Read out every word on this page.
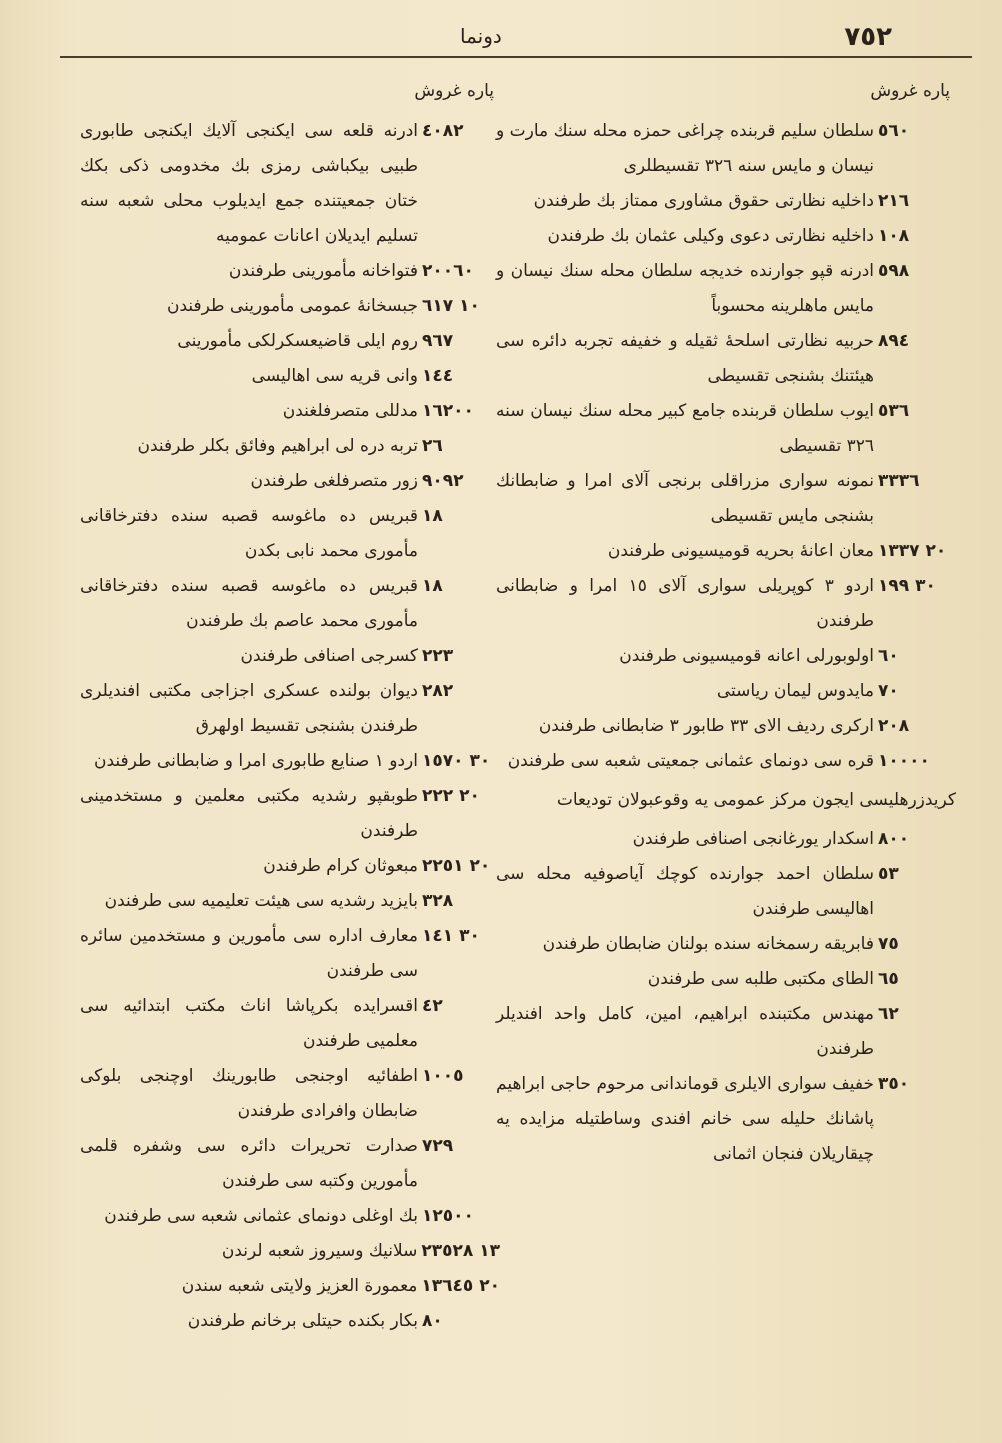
٧٥٢
دونما
پاره غروش
٥٦٠
سلطان سليم قربنده چراغى حمزه محله سنك مارت و نيسان و مايس سنه ٣٢٦ تقسيطلرى
٢١٦
داخليه نظارتى حقوق مشاورى ممتاز بك طرفندن
١٠٨
داخليه نظارتى دعوى وكيلى عثمان بك طرفندن
٥٩٨
ادرنه قپو جوارنده خديجه سلطان محله سنك نيسان و مايس ماهلرينه محسوباً
٨٩٤
حربيه نظارتى اسلحۀ ثقيله و خفيفه تجربه دائره سى هيئتنك بشنجى تقسيطى
٥٣٦
ايوب سلطان قربنده جامع كبير محله سنك نيسان سنه ٣٢٦ تقسيطى
٣٣٣٦
نمونه سوارى مزراقلى برنجى آلاى امرا و ضابطانك بشنجى مايس تقسيطى
٢٠ ١٣٣٧
معان اعانۀ بحريه قوميسيونى طرفندن
٣٠ ١٩٩
اردو ٣ كوپريلى سوارى آلاى ١٥ امرا و ضابطانى طرفندن
٦٠
اولوبورلى اعانه قوميسيونى طرفندن
٧٠
مايدوس ليمان رياستى
٢٠٨
اركرى رديف الاى ٣٣ طابور ٣ ضابطانى طرفندن
١٠٠٠٠
قره سى دونماى عثمانى جمعيتى شعبه سى طرفندن
كريدزرهليسى ايجون مركز عمومى يه وقوعبولان توديعات
٨٠٠
اسكدار يورغانجى اصنافى طرفندن
٥٣
سلطان احمد جوارنده كوچك آياصوفيه محله سى اهاليسى طرفندن
٧٥
فابريقه رسمخانه سنده بولنان ضابطان طرفندن
٦٥
الطاى مكتبى طلبه سى طرفندن
٦٢
مهندس مكتبنده ابراهيم، امين، كامل واحد افنديلر طرفندن
٣٥٠
خفيف سوارى الايلرى قوماندانى مرحوم حاجى ابراهيم پاشانك حليله سى خانم افندى وساطتيله مزايده يه چيقاريلان فنجان اثمانى
پاره غروش
٤٠٨٢
ادرنه قلعه سى ايكنجى آلايك ايكنجى طابورى طبيى بيكباشى رمزى بك مخدومى ذكى بكك ختان جمعيتنده جمع ايديلوب محلى شعبه سنه تسليم ايديلان اعانات عموميه
٢٠٠٦٠
فتواخانه مأمورينى طرفندن
١٠ ٦١٧
جبسخانۀ عمومى مأمورينى طرفندن
٩٦٧
روم ايلى قاضيعسكرلكى مأمورينى
١٤٤
وانى قريه سى اهاليسى
١٦٢٠٠
مدللى متصرفلغندن
٢٦
تربه دره لى ابراهيم وفائق بكلر طرفندن
٩٠٩٢
زور متصرفلغى طرفندن
١٨
قبريس ده ماغوسه قصبه سنده دفترخاقانى مأمورى محمد نابى بكدن
١٨
قبريس ده ماغوسه قصبه سنده دفترخاقانى مأمورى محمد عاصم بك طرفندن
٢٢٣
كسرجى اصنافى طرفندن
٢٨٢
ديوان بولنده عسكرى اجزاجى مكتبى افنديلرى طرفندن بشنجى تقسيط اولهرق
٣٠ ١٥٧٠
اردو ١ صنايع طابورى امرا و ضابطانى طرفندن
٢٠ ٢٢٢
طوبقپو رشديه مكتبى معلمين و مستخدمينى طرفندن
٢٠ ٢٢٥١
مبعوثان كرام طرفندن
٣٢٨
بايزيد رشديه سى هيئت تعليميه سى طرفندن
٣٠ ١٤١
معارف اداره سى مأمورين و مستخدمين سائره سى طرفندن
٤٢
اقسرايده بكرپاشا اناث مكتب ابتدائيه سى معلميى طرفندن
١٠٠٥
اطفائيه اوجنجى طابورينك اوچنجى بلوكى ضابطان وافرادى طرفندن
٧٢٩
صدارت تحريرات دائره سى وشفره قلمى مأمورين وكتبه سى طرفندن
١٢٥٠٠
بك اوغلى دونماى عثمانى شعبه سى طرفندن
١٣ ٢٣٥٢٨
سلانيك وسيروز شعبه لرندن
٢٠ ١٣٦٤٥
معمورة العزيز ولايتى شعبه سندن
٨٠
بكار بكنده حيتلى برخانم طرفندن
